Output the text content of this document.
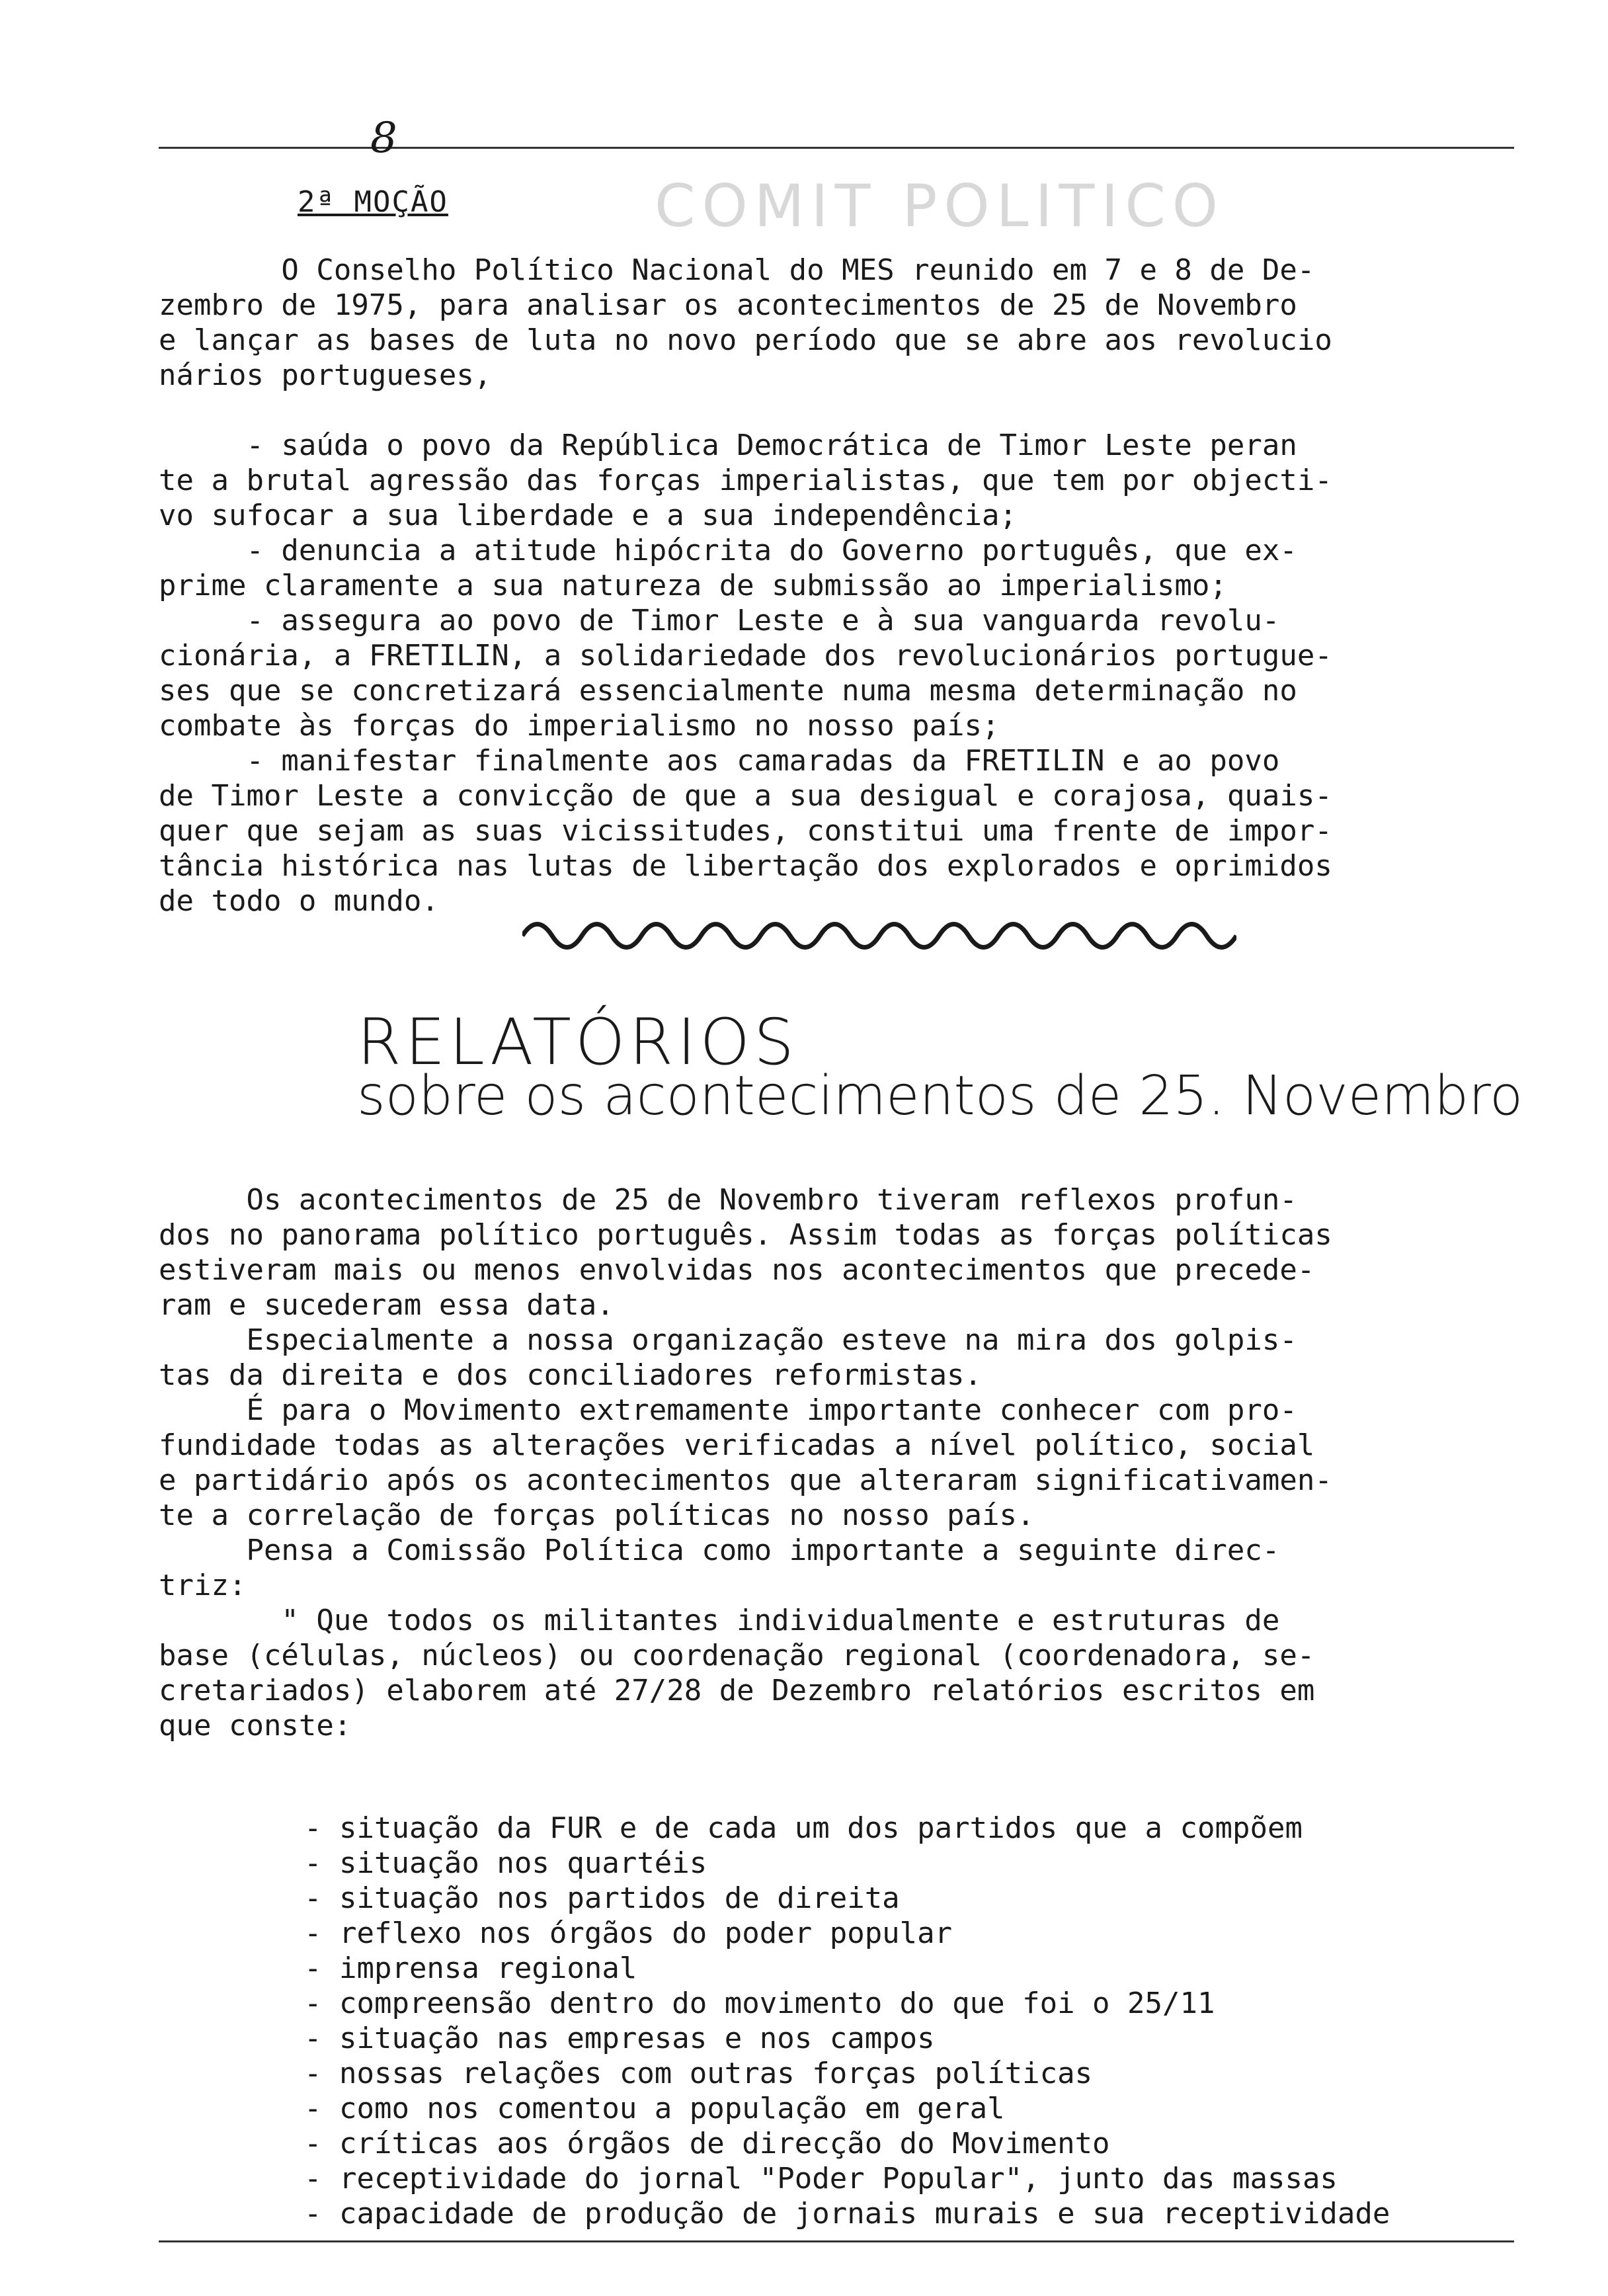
8
COMIT POLITICO
2ª MOÇÃO
O Conselho Político Nacional do MES reunido em 7 e 8 de De-
zembro de 1975, para analisar os acontecimentos de 25 de Novembro
e lançar as bases de luta no novo período que se abre aos revolucio
nários portugueses,
- saúda o povo da República Democrática de Timor Leste peran
te a brutal agressão das forças imperialistas, que tem por objecti-
vo sufocar a sua liberdade e a sua independência;
- denuncia a atitude hipócrita do Governo português, que ex-
prime claramente a sua natureza de submissão ao imperialismo;
- assegura ao povo de Timor Leste e à sua vanguarda revolu-
cionária, a FRETILIN, a solidariedade dos revolucionários portugue-
ses que se concretizará essencialmente numa mesma determinação no
combate às forças do imperialismo no nosso país;
- manifestar finalmente aos camaradas da FRETILIN e ao povo
de Timor Leste a convicção de que a sua desigual e corajosa, quais-
quer que sejam as suas vicissitudes, constitui uma frente de impor-
tância histórica nas lutas de libertação dos explorados e oprimidos
de todo o mundo.
RELATÓRIOS
sobre os acontecimentos de 25. Novembro
Os acontecimentos de 25 de Novembro tiveram reflexos profun-
dos no panorama político português. Assim todas as forças políticas
estiveram mais ou menos envolvidas nos acontecimentos que precede-
ram e sucederam essa data.
Especialmente a nossa organização esteve na mira dos golpis-
tas da direita e dos conciliadores reformistas.
É para o Movimento extremamente importante conhecer com pro-
fundidade todas as alterações verificadas a nível político, social
e partidário após os acontecimentos que alteraram significativamen-
te a correlação de forças políticas no nosso país.
Pensa a Comissão Política como importante a seguinte direc-
triz:
" Que todos os militantes individualmente e estruturas de
base (células, núcleos) ou coordenação regional (coordenadora, se-
cretariados) elaborem até 27/28 de Dezembro relatórios escritos em
que conste:
- situação da FUR e de cada um dos partidos que a compõem
- situação nos quartéis
- situação nos partidos de direita
- reflexo nos órgãos do poder popular
- imprensa regional
- compreensão dentro do movimento do que foi o 25/11
- situação nas empresas e nos campos
- nossas relações com outras forças políticas
- como nos comentou a população em geral
- críticas aos órgãos de direcção do Movimento
- receptividade do jornal "Poder Popular", junto das massas
- capacidade de produção de jornais murais e sua receptividade
